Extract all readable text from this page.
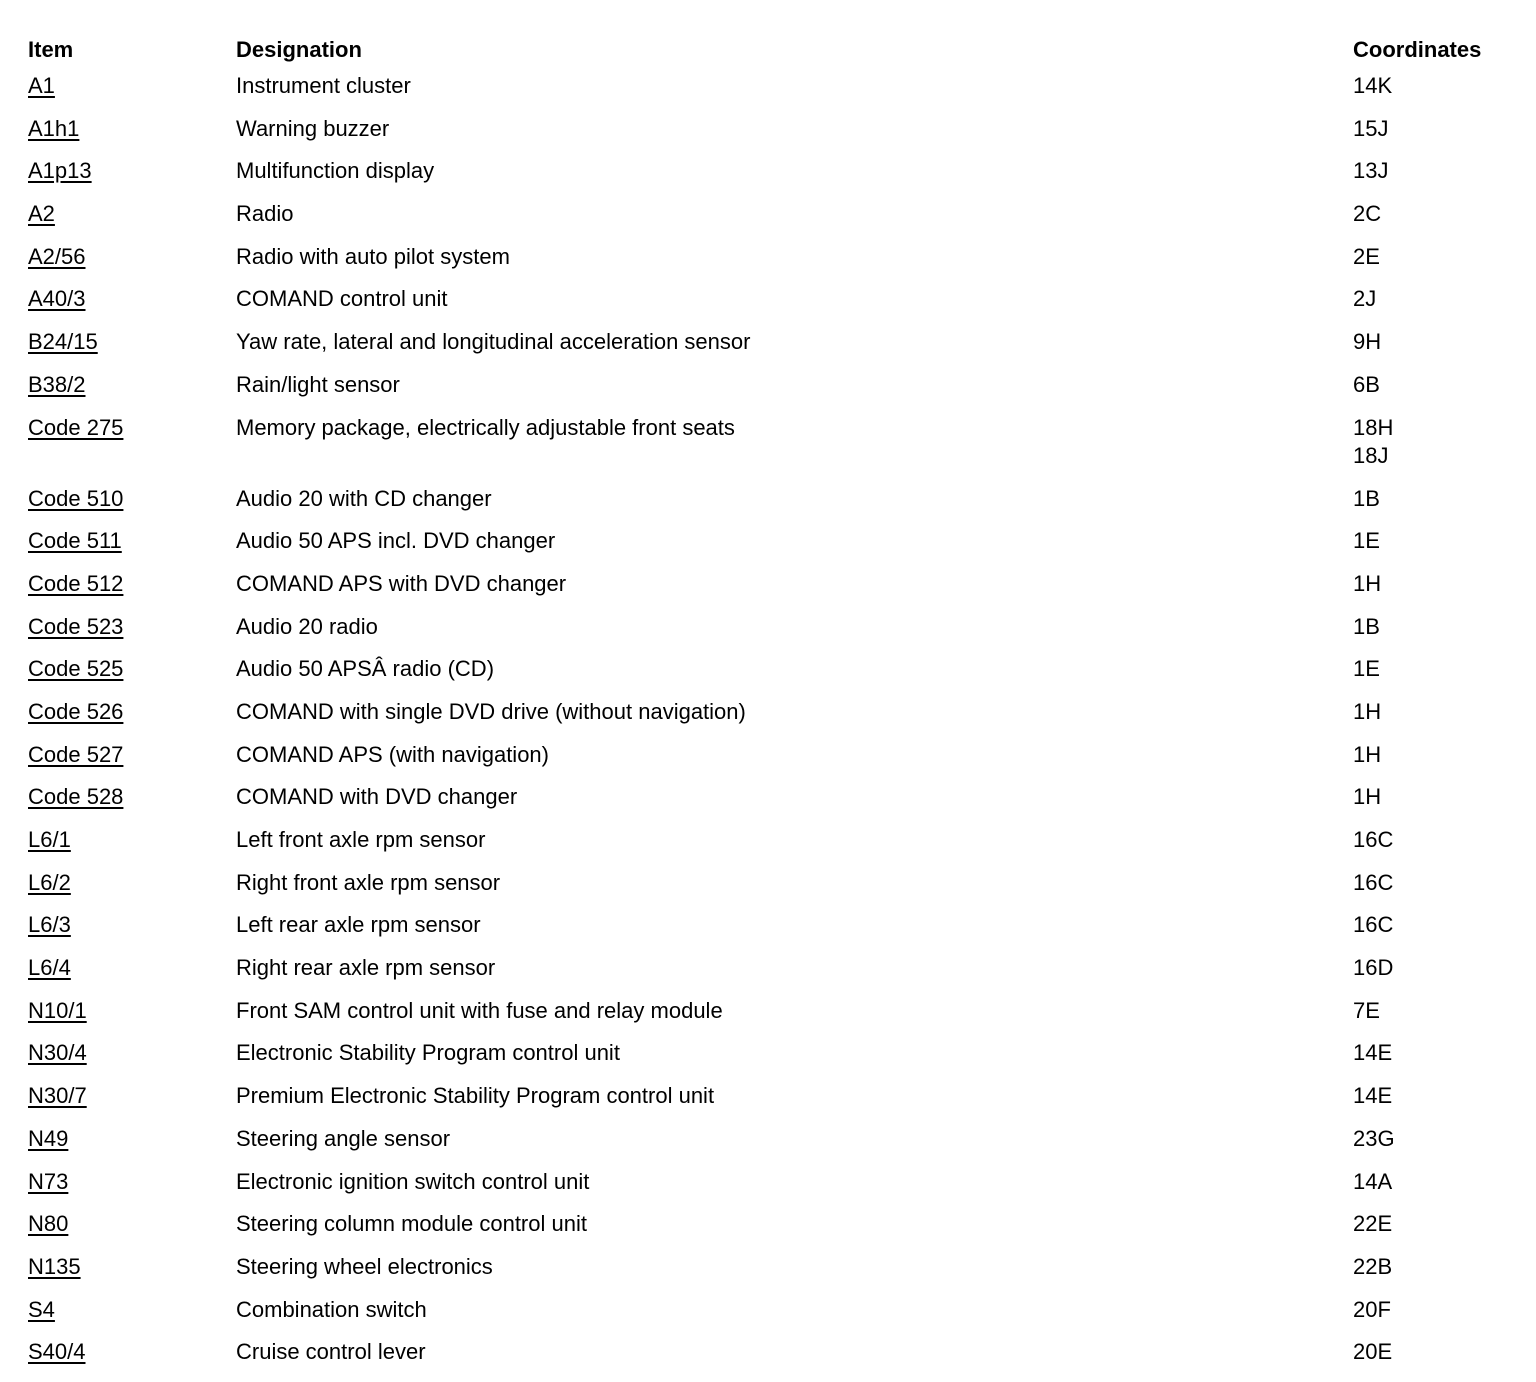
Item	Designation	Coordinates
A1	Instrument cluster	14K
A1h1	Warning buzzer	15J
A1p13	Multifunction display	13J
A2	Radio	2C
A2/56	Radio with auto pilot system	2E
A40/3	COMAND control unit	2J
B24/15	Yaw rate, lateral and longitudinal acceleration sensor	9H
B38/2	Rain/light sensor	6B
Code 275	Memory package, electrically adjustable front seats	18H
18J
Code 510	Audio 20 with CD changer	1B
Code 511	Audio 50 APS incl. DVD changer	1E
Code 512	COMAND APS with DVD changer	1H
Code 523	Audio 20 radio	1B
Code 525	Audio 50 APSÂ radio (CD)	1E
Code 526	COMAND with single DVD drive (without navigation)	1H
Code 527	COMAND APS (with navigation)	1H
Code 528	COMAND with DVD changer	1H
L6/1	Left front axle rpm sensor	16C
L6/2	Right front axle rpm sensor	16C
L6/3	Left rear axle rpm sensor	16C
L6/4	Right rear axle rpm sensor	16D
N10/1	Front SAM control unit with fuse and relay module	7E
N30/4	Electronic Stability Program control unit	14E
N30/7	Premium Electronic Stability Program control unit	14E
N49	Steering angle sensor	23G
N73	Electronic ignition switch control unit	14A
N80	Steering column module control unit	22E
N135	Steering wheel electronics	22B
S4	Combination switch	20F
S40/4	Cruise control lever	20E
